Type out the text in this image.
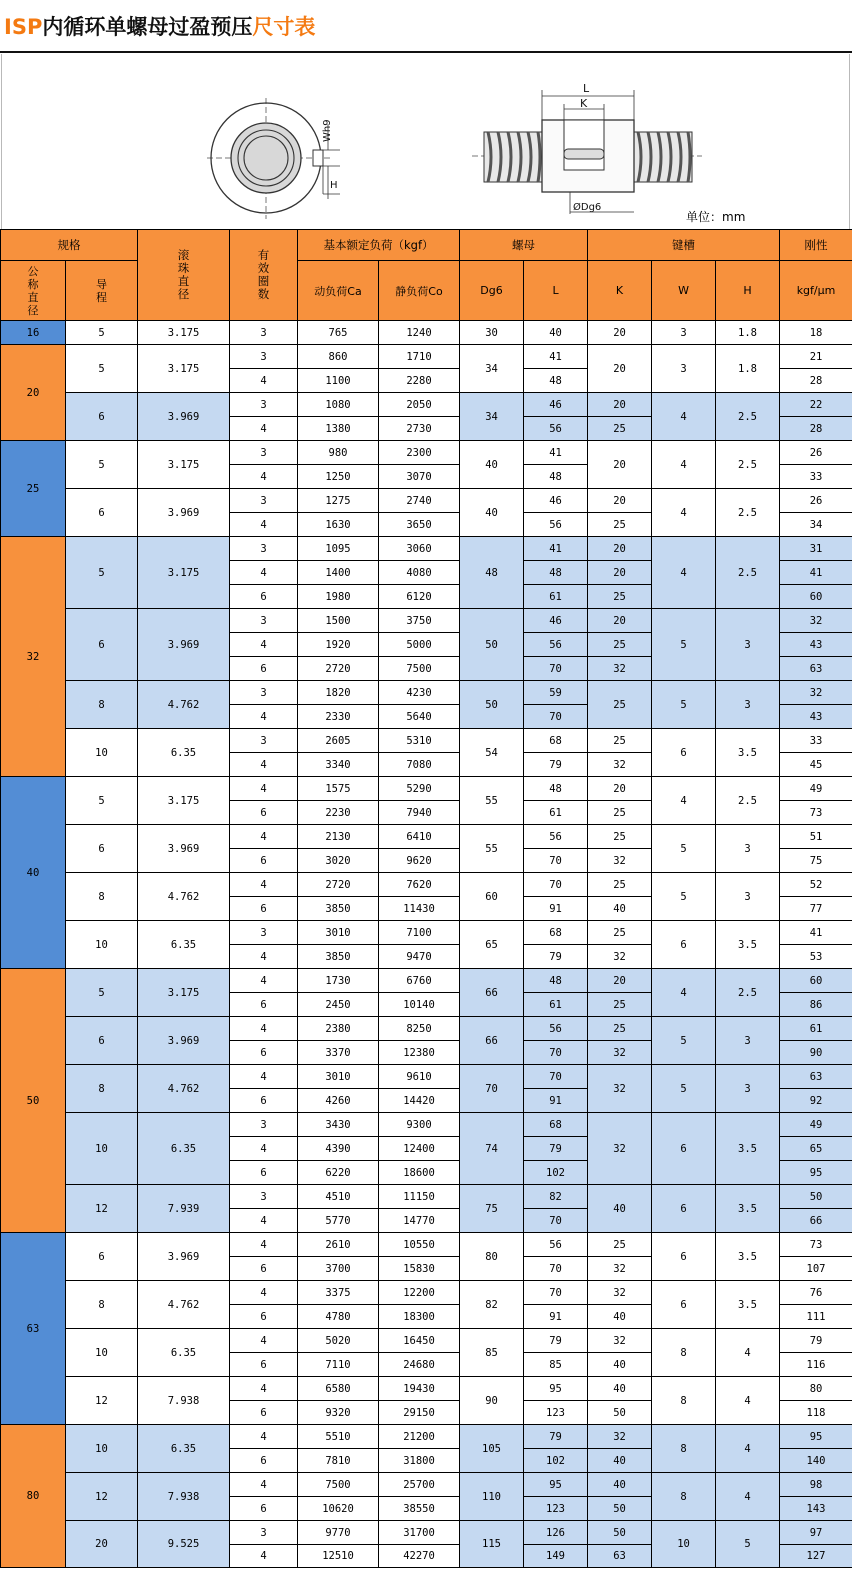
ISP内循环单螺母过盈预压尺寸表
Wh9
H
L
K
ØDg6
单位：mm
规格		滚珠直径	有效圈数	基本额定负荷（kgf）		螺母		键槽			刚性
公称直径	导程			动负荷Ca	静负荷Co	Dg6	L	K	W	H	kgf/μm
16	5	3.175	3	765	1240	30	40	20	3	1.8	18
20	5	3.175	3	860	1710	34	41	20	3	1.8	21
			4	1100	2280		48				28
	6	3.969	3	1080	2050	34	46	20	4	2.5	22
			4	1380	2730		56	25			28
25	5	3.175	3	980	2300	40	41	20	4	2.5	26
			4	1250	3070		48				33
	6	3.969	3	1275	2740	40	46	20	4	2.5	26
			4	1630	3650		56	25			34
32	5	3.175	3	1095	3060	48	41	20	4	2.5	31
			4	1400	4080		48	20			41
			6	1980	6120		61	25			60
	6	3.969	3	1500	3750	50	46	20	5	3	32
			4	1920	5000		56	25			43
			6	2720	7500		70	32			63
	8	4.762	3	1820	4230	50	59	25	5	3	32
			4	2330	5640		70				43
	10	6.35	3	2605	5310	54	68	25	6	3.5	33
			4	3340	7080		79	32			45
40	5	3.175	4	1575	5290	55	48	20	4	2.5	49
			6	2230	7940		61	25			73
	6	3.969	4	2130	6410	55	56	25	5	3	51
			6	3020	9620		70	32			75
	8	4.762	4	2720	7620	60	70	25	5	3	52
			6	3850	11430		91	40			77
	10	6.35	3	3010	7100	65	68	25	6	3.5	41
			4	3850	9470		79	32			53
50	5	3.175	4	1730	6760	66	48	20	4	2.5	60
			6	2450	10140		61	25			86
	6	3.969	4	2380	8250	66	56	25	5	3	61
			6	3370	12380		70	32			90
	8	4.762	4	3010	9610	70	70	32	5	3	63
			6	4260	14420		91				92
	10	6.35	3	3430	9300	74	68	32	6	3.5	49
			4	4390	12400		79				65
			6	6220	18600		102				95
	12	7.939	3	4510	11150	75	82	40	6	3.5	50
			4	5770	14770		70				66
63	6	3.969	4	2610	10550	80	56	25	6	3.5	73
			6	3700	15830		70	32			107
	8	4.762	4	3375	12200	82	70	32	6	3.5	76
			6	4780	18300		91	40			111
	10	6.35	4	5020	16450	85	79	32	8	4	79
			6	7110	24680		85	40			116
	12	7.938	4	6580	19430	90	95	40	8	4	80
			6	9320	29150		123	50			118
80	10	6.35	4	5510	21200	105	79	32	8	4	95
			6	7810	31800		102	40			140
	12	7.938	4	7500	25700	110	95	40	8	4	98
			6	10620	38550		123	50			143
	20	9.525	3	9770	31700	115	126	50	10	5	97
			4	12510	42270		149	63			127
